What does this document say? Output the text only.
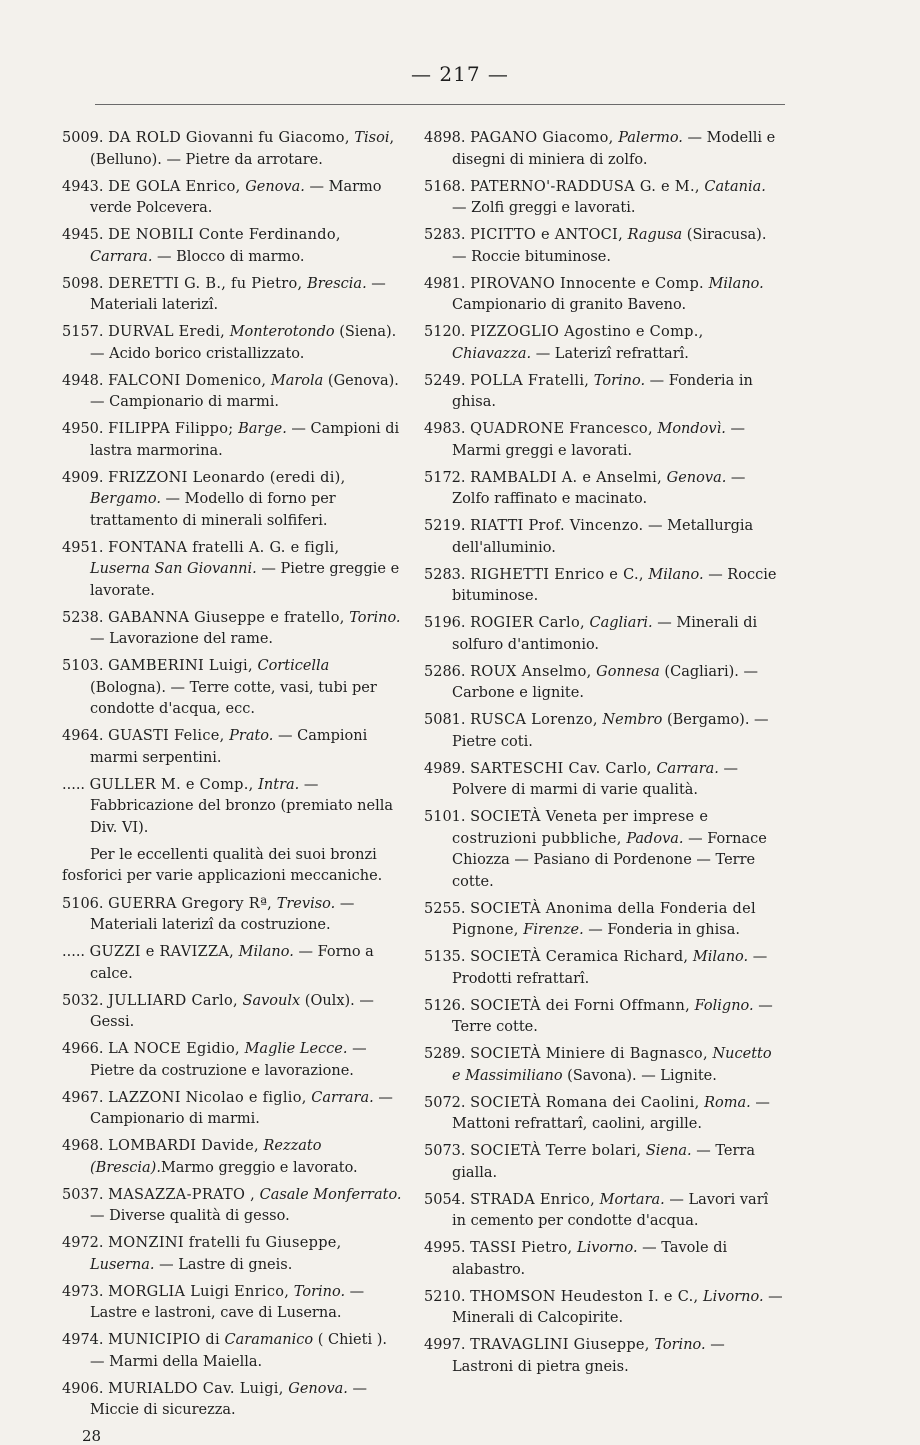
— 217 —
5009. DA ROLD Giovanni fu Giacomo, Tisoi, (Belluno). — Pietre da arrotare.
4943. DE GOLA Enrico, Genova. — Marmo verde Polcevera.
4945. DE NOBILI Conte Ferdinando, Carrara. — Blocco di marmo.
5098. DERETTI G. B., fu Pietro, Brescia. — Materiali laterizî.
5157. DURVAL Eredi, Monterotondo (Siena). — Acido borico cristallizzato.
4948. FALCONI Domenico, Marola (Genova). — Campionario di marmi.
4950. FILIPPA Filippo; Barge. — Campioni di lastra marmorina.
4909. FRIZZONI Leonardo (eredi di), Bergamo. — Modello di forno per trattamento di minerali solfiferi.
4951. FONTANA fratelli A. G. e figli, Luserna San Giovanni. — Pietre greggie e lavorate.
5238. GABANNA Giuseppe e fratello, Torino. — Lavorazione del rame.
5103. GAMBERINI Luigi, Corticella (Bologna). — Terre cotte, vasi, tubi per condotte d'acqua, ecc.
4964. GUASTI Felice, Prato. — Campioni marmi serpentini.
..... GULLER M. e Comp., Intra. — Fabbricazione del bronzo (premiato nella Div. VI).
Per le eccellenti qualità dei suoi bronzi fosforici per varie applicazioni meccaniche.
5106. GUERRA Gregory Rª, Treviso. — Materiali laterizî da costruzione.
..... GUZZI e RAVIZZA, Milano. — Forno a calce.
5032. JULLIARD Carlo, Savoulx (Oulx). —Gessi.
4966. LA NOCE Egidio, Maglie Lecce. — Pietre da costruzione e lavorazione.
4967. LAZZONI Nicolao e figlio, Carrara. — Campionario di marmi.
4968. LOMBARDI Davide, Rezzato (Brescia).Marmo greggio e lavorato.
5037. MASAZZA-PRATO , Casale Monferrato. — Diverse qualità di gesso.
4972. MONZINI fratelli fu Giuseppe, Luserna. — Lastre di gneis.
4973. MORGLIA Luigi Enrico, Torino. —Lastre e lastroni, cave di Luserna.
4974. MUNICIPIO di Caramanico ( Chieti ). — Marmi della Maiella.
4906. MURIALDO Cav. Luigi, Genova. — Miccie di sicurezza.
28
4898. PAGANO Giacomo, Palermo. — Modelli e disegni di miniera di zolfo.
5168. PATERNO'-RADDUSA G. e M., Catania. — Zolfi greggi e lavorati.
5283. PICITTO e ANTOCI, Ragusa (Siracusa). — Roccie bituminose.
4981. PIROVANO Innocente e Comp. Milano. Campionario di granito Baveno.
5120. PIZZOGLIO Agostino e Comp., Chiavazza. — Laterizî refrattarî.
5249. POLLA Fratelli, Torino. — Fonderia in ghisa.
4983. QUADRONE Francesco, Mondovì. — Marmi greggi e lavorati.
5172. RAMBALDI A. e Anselmi, Genova. — Zolfo raffinato e macinato.
5219. RIATTI Prof. Vincenzo. — Metallurgia dell'alluminio.
5283. RIGHETTI Enrico e C., Milano. — Roccie bituminose.
5196. ROGIER Carlo, Cagliari. — Minerali di solfuro d'antimonio.
5286. ROUX Anselmo, Gonnesa (Cagliari). — Carbone e lignite.
5081. RUSCA Lorenzo, Nembro (Bergamo). — Pietre coti.
4989. SARTESCHI Cav. Carlo, Carrara. —Polvere di marmi di varie qualità.
5101. SOCIETÀ Veneta per imprese e costruzioni pubbliche, Padova. — Fornace Chiozza — Pasiano di Pordenone — Terre cotte.
5255. SOCIETÀ Anonima della Fonderia del Pignone, Firenze. — Fonderia in ghisa.
5135. SOCIETÀ Ceramica Richard, Milano. — Prodotti refrattarî.
5126. SOCIETÀ dei Forni Offmann, Foligno. — Terre cotte.
5289. SOCIETÀ Miniere di Bagnasco, Nucetto e Massimiliano (Savona). — Lignite.
5072. SOCIETÀ Romana dei Caolini, Roma. — Mattoni refrattarî, caolini, argille.
5073. SOCIETÀ Terre bolari, Siena. — Terra gialla.
5054. STRADA Enrico, Mortara. — Lavori varî in cemento per condotte d'acqua.
4995. TASSI Pietro, Livorno. — Tavole di alabastro.
5210. THOMSON Heudeston I. e C., Livorno. — Minerali di Calcopirite.
4997. TRAVAGLINI Giuseppe, Torino. — Lastroni di pietra gneis.
